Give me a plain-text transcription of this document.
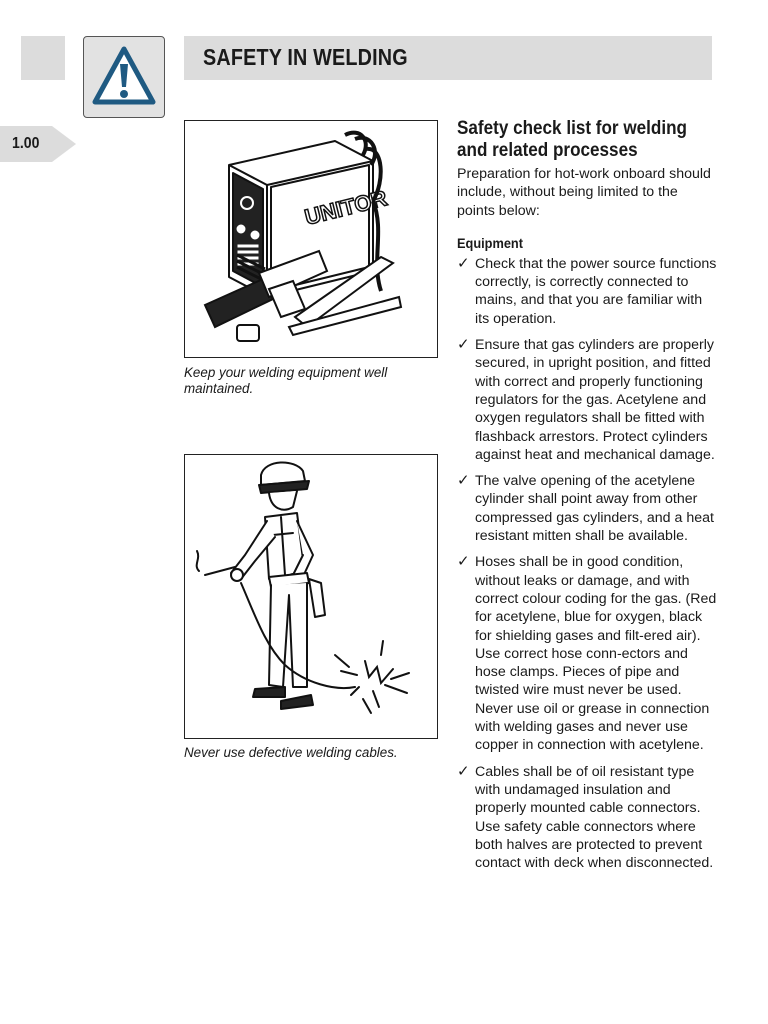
SAFETY IN WELDING
1.00
UNITOR
Keep your welding equipment well maintained.
Never use defective welding cables.
Safety check list for welding and related processes

Preparation for hot-work onboard should include, without being limited to the points below:

Equipment
✓ Check that the power source functions correctly, is correctly connected to mains, and that you are familiar with its operation.
✓ Ensure that gas cylinders are properly secured, in upright position, and fitted with correct and properly functioning regulators for the gas. Acetylene and oxygen regulators shall be fitted with flashback arrestors. Protect cylinders against heat and mechanical damage.
✓ The valve opening of the acetylene cylinder shall point away from other compressed gas cylinders, and a heat resistant mitten shall be available.
✓ Hoses shall be in good condition, without leaks or damage, and with correct colour coding for the gas. (Red for acetylene, blue for oxygen, black for shielding gases and filt-ered air). Use correct hose conn-ectors and hose clamps. Pieces of pipe and twisted wire must never be used. Never use oil or grease in connection with welding gases and never use copper in connection with acetylene.
✓ Cables shall be of oil resistant type with undamaged insulation and properly mounted cable connectors. Use safety cable connectors where both halves are protected to prevent contact with deck when disconnected.
